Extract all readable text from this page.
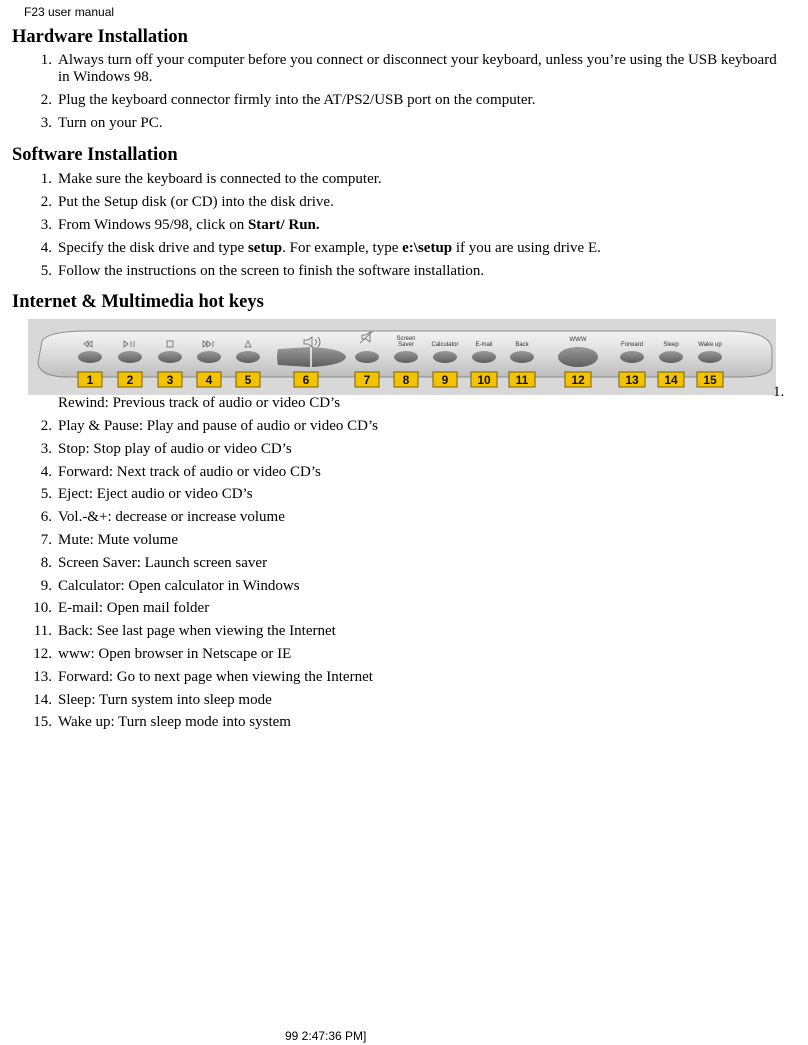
F23 user manual
Hardware Installation
1. Always turn off your computer before you connect or disconnect your keyboard, unless you’re using the USB keyboard
in Windows 98.
2. Plug the keyboard connector firmly into the AT/PS2/USB port on the computer.
3. Turn on your PC.
Software Installation
1. Make sure the keyboard is connected to the computer.
2. Put the Setup disk (or CD) into the disk drive.
3. From Windows 95/98, click on Start/ Run.
4. Specify the disk drive and type setup. For example, type e:\setup if you are using drive E.
5. Follow the instructions on the screen to finish the software installation.
Internet & Multimedia hot keys
Screen
Saver	Calculator	E-mail	Back
WWW
Forward	Sleep	Wake up
1	2	3	4	5	6	7	8	9 10 11	12	13 14 15
1.
Rewind: Previous track of audio or video CD’s
2. Play & Pause: Play and pause of audio or video CD’s
3. Stop: Stop play of audio or video CD’s
4. Forward: Next track of audio or video CD’s
5. Eject: Eject audio or video CD’s
6. Vol.-&+: decrease or increase volume
7. Mute: Mute volume
8. Screen Saver: Launch screen saver
9. Calculator: Open calculator in Windows
10. E-mail: Open mail folder
11. Back: See last page when viewing the Internet
12. www: Open browser in Netscape or IE
13. Forward: Go to next page when viewing the Internet
14. Sleep: Turn system into sleep mode
15. Wake up: Turn sleep mode into system
99 2:47:36 PM]
